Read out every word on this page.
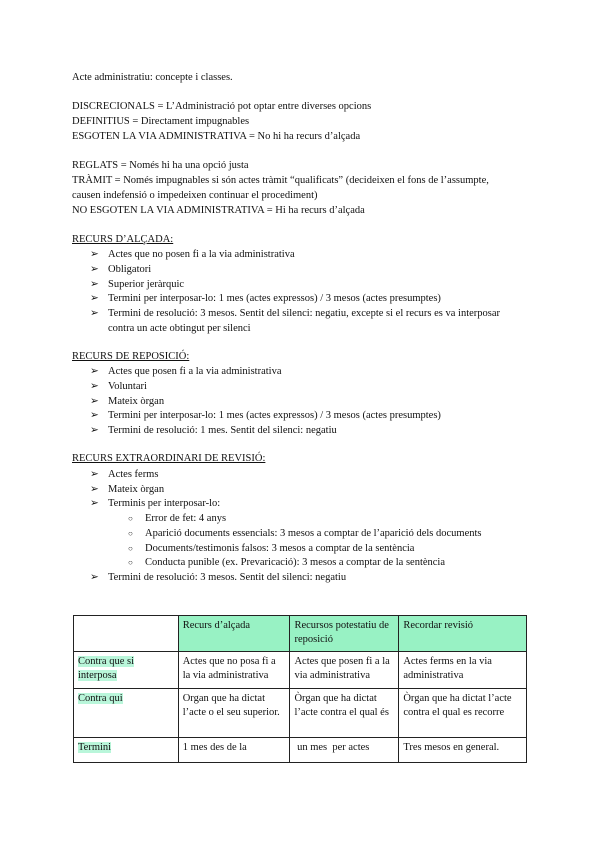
Acte administratiu: concepte i classes.
DISCRECIONALS = L’Administració pot optar entre diverses opcions
DEFINITIUS = Directament impugnables
ESGOTEN LA VIA ADMINISTRATIVA = No hi ha recurs d’alçada
REGLATS = Només hi ha una opció justa
TRÀMIT = Només impugnables si són actes tràmit “qualificats” (decideixen el fons de l’assumpte,
causen indefensió o impedeixen continuar el procediment)
NO ESGOTEN LA VIA ADMINISTRATIVA = Hi ha recurs d’alçada
RECURS D’ALÇADA:
➢ Actes que no posen fi a la via administrativa
➢ Obligatori
➢ Superior jeràrquic
➢ Termini per interposar-lo: 1 mes (actes expressos) / 3 mesos (actes presumptes)
➢ Termini de resolució: 3 mesos. Sentit del silenci: negatiu, excepte si el recurs es va interposar
contra un acte obtingut per silenci
RECURS DE REPOSICIÓ:
➢ Actes que posen fi a la via administrativa
➢ Voluntari
➢ Mateix òrgan
➢ Termini per interposar-lo: 1 mes (actes expressos) / 3 mesos (actes presumptes)
➢ Termini de resolució: 1 mes. Sentit del silenci: negatiu
RECURS EXTRAORDINARI DE REVISIÓ:
➢ Actes ferms
➢ Mateix òrgan
➢ Terminis per interposar-lo:
○ Error de fet: 4 anys
○ Aparició documents essencials: 3 mesos a comptar de l’aparició dels documents
○ Documents/testimonis falsos: 3 mesos a comptar de la sentència
○ Conducta punible (ex. Prevaricació): 3 mesos a comptar de la sentència
➢ Termini de resolució: 3 mesos. Sentit del silenci: negatiu
	Recurs d’alçada	Recursos potestatiu de reposició	Recordar revisió
Contra que si interposa	Actes que no posa fi a la via administrativa	Actes que posen fi a la via administrativa	Actes ferms en la via administrativa
Contra qui	Organ que ha dictat l’acte o el seu superior.	Òrgan que ha dictat l’acte contra el qual és	Òrgan que ha dictat l’acte contra el qual es recorre
Termini	1 mes des de la	un mes  per actes	Tres mesos en general.
